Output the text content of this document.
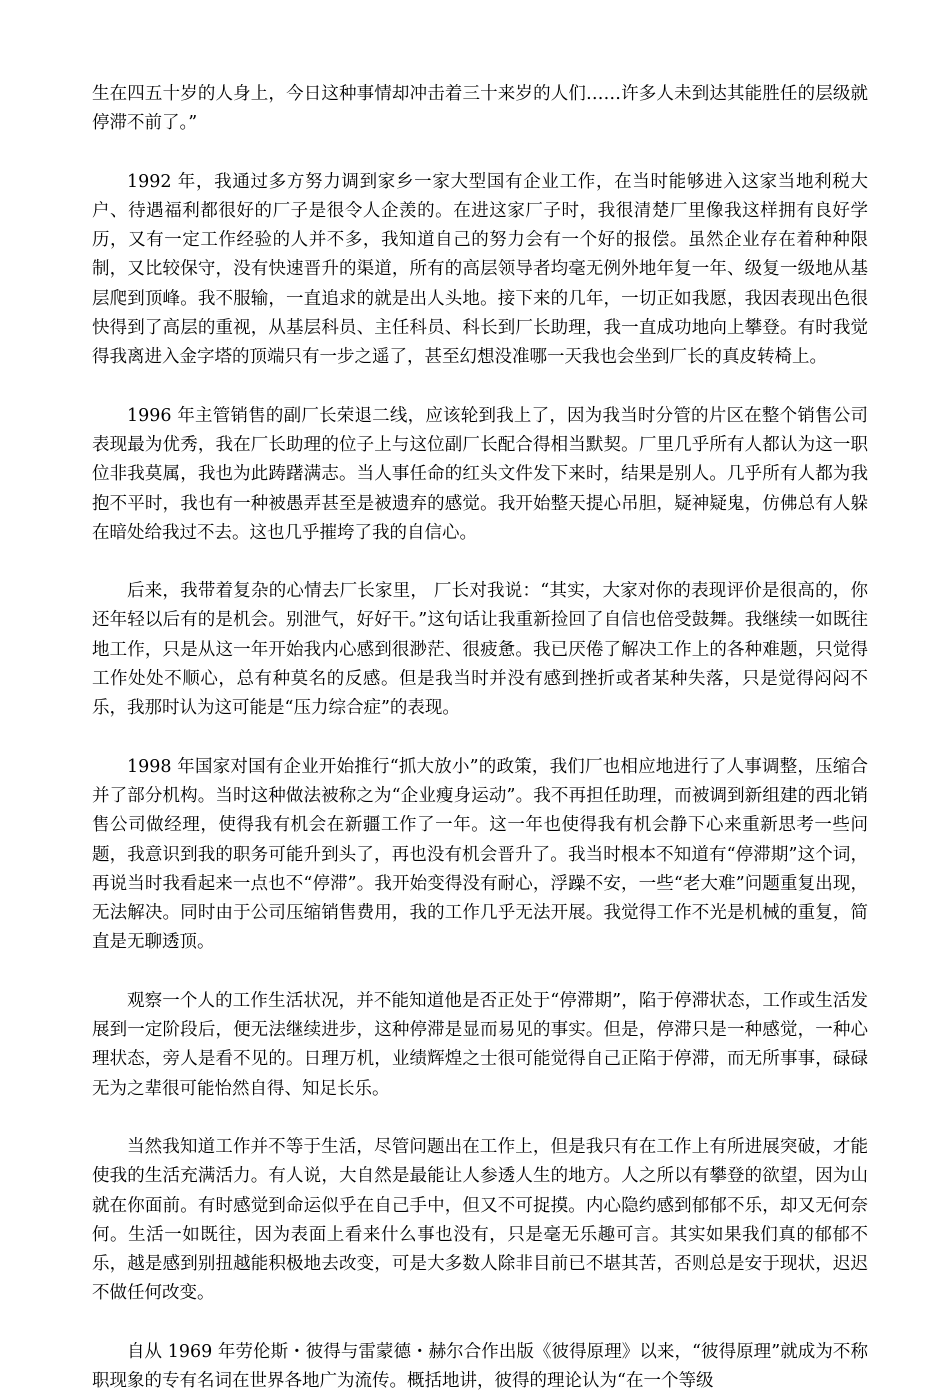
生在四五十岁的人身上，今日这种事情却冲击着三十来岁的人们……许多人未到达其能胜任的层级就停滞不前了。”

1992 年，我通过多方努力调到家乡一家大型国有企业工作，在当时能够进入这家当地利税大户、待遇福利都很好的厂子是很令人企羡的。在进这家厂子时，我很清楚厂里像我这样拥有良好学历，又有一定工作经验的人并不多，我知道自己的努力会有一个好的报偿。虽然企业存在着种种限制，又比较保守，没有快速晋升的渠道，所有的高层领导者均毫无例外地年复一年、级复一级地从基层爬到顶峰。我不服输，一直追求的就是出人头地。接下来的几年，一切正如我愿，我因表现出色很快得到了高层的重视，从基层科员、主任科员、科长到厂长助理，我一直成功地向上攀登。有时我觉得我离进入金字塔的顶端只有一步之遥了，甚至幻想没准哪一天我也会坐到厂长的真皮转椅上。

1996 年主管销售的副厂长荣退二线，应该轮到我上了，因为我当时分管的片区在整个销售公司表现最为优秀，我在厂长助理的位子上与这位副厂长配合得相当默契。厂里几乎所有人都认为这一职位非我莫属，我也为此踌躇满志。当人事任命的红头文件发下来时，结果是别人。几乎所有人都为我抱不平时，我也有一种被愚弄甚至是被遗弃的感觉。我开始整天提心吊胆，疑神疑鬼，仿佛总有人躲在暗处给我过不去。这也几乎摧垮了我的自信心。

后来，我带着复杂的心情去厂长家里， 厂长对我说：“其实，大家对你的表现评价是很高的，你还年轻以后有的是机会。别泄气，好好干。”这句话让我重新捡回了自信也倍受鼓舞。我继续一如既往地工作，只是从这一年开始我内心感到很渺茫、很疲惫。我已厌倦了解决工作上的各种难题，只觉得工作处处不顺心，总有种莫名的反感。但是我当时并没有感到挫折或者某种失落，只是觉得闷闷不乐，我那时认为这可能是“压力综合症”的表现。

1998 年国家对国有企业开始推行“抓大放小”的政策，我们厂也相应地进行了人事调整，压缩合并了部分机构。当时这种做法被称之为“企业瘦身运动”。我不再担任助理，而被调到新组建的西北销售公司做经理，使得我有机会在新疆工作了一年。这一年也使得我有机会静下心来重新思考一些问题，我意识到我的职务可能升到头了，再也没有机会晋升了。我当时根本不知道有“停滞期”这个词，再说当时我看起来一点也不“停滞”。我开始变得没有耐心，浮躁不安，一些“老大难”问题重复出现，无法解决。同时由于公司压缩销售费用，我的工作几乎无法开展。我觉得工作不光是机械的重复，简直是无聊透顶。

观察一个人的工作生活状况，并不能知道他是否正处于“停滞期”，陷于停滞状态，工作或生活发展到一定阶段后，便无法继续进步，这种停滞是显而易见的事实。但是，停滞只是一种感觉，一种心理状态，旁人是看不见的。日理万机，业绩辉煌之士很可能觉得自己正陷于停滞，而无所事事，碌碌无为之辈很可能怡然自得、知足长乐。

当然我知道工作并不等于生活，尽管问题出在工作上，但是我只有在工作上有所进展突破，才能使我的生活充满活力。有人说，大自然是最能让人参透人生的地方。人之所以有攀登的欲望，因为山就在你面前。有时感觉到命运似乎在自己手中，但又不可捉摸。内心隐约感到郁郁不乐，却又无何奈何。生活一如既往，因为表面上看来什么事也没有，只是毫无乐趣可言。其实如果我们真的郁郁不乐，越是感到别扭越能积极地去改变，可是大多数人除非目前已不堪其苦，否则总是安于现状，迟迟不做任何改变。

自从 1969 年劳伦斯・彼得与雷蒙德・赫尔合作出版《彼得原理》以来，“彼得原理”就成为不称职现象的专有名词在世界各地广为流传。概括地讲，彼得的理论认为“在一个等级
